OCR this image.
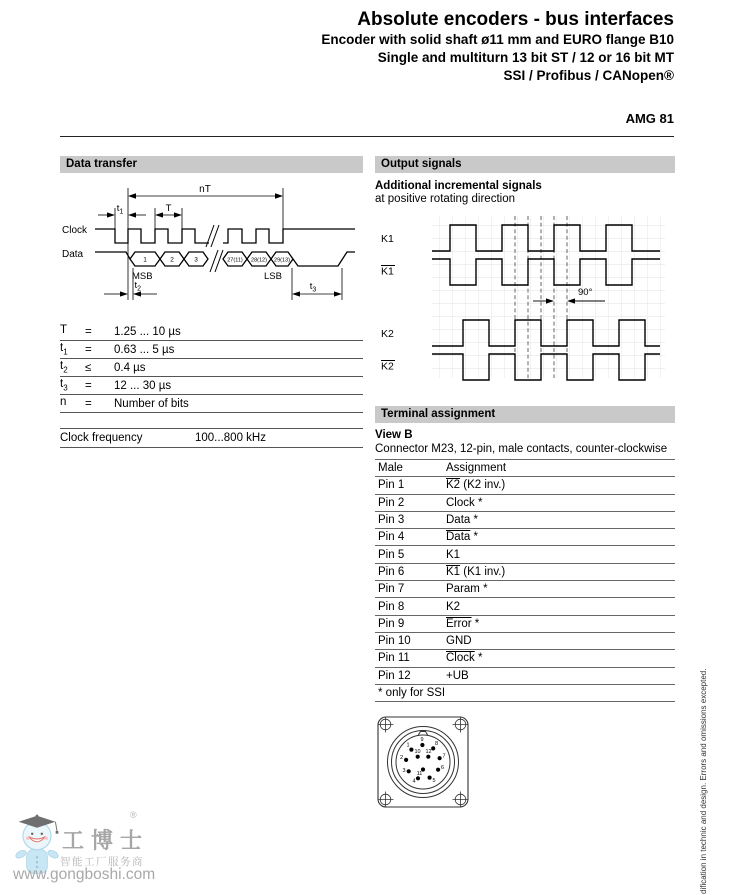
Absolute encoders - bus interfaces
Encoder with solid shaft ø11 mm and EURO flange B10
Single and multiturn 13 bit ST / 12 or 16 bit MT
SSI / Profibus / CANopen®
AMG 81
Data transfer
nT
$t_1$	T
Clock
Data	1	2	3	27(11) 28(12) 29(13)
MSB	LSB
$t_2$	$t_3$
T	=	1.25 ... 10 µs
$t_1$	=	0.63 ... 5 µs
$t_2$	≤	0.4 µs
$t_3$	=	12 ... 30 µs
n	=	Number of bits
Clock frequency	100...800 kHz
Output signals
Additional incremental signals
at positive rotating direction
90°
K1
K1
K2
K2
Terminal assignment
View B
Connector M23, 12-pin, male contacts, counter-clockwise
Male	Assignment
Pin 1	K2 (K2 inv.)
Pin 2	Clock *
Pin 3	Data *
Pin 4	Data *
Pin 5	K1
Pin 6	K1 (K1 inv.)
Pin 7	Param *
Pin 8	K2
Pin 9	Error *
Pin 10	GND
Pin 11	Clock *
Pin 12	+UB
* only for SSI	
1
9
8
2
10 12
7
3 11
6
4	5	dification in technic and design. Errors and omissions excepted.
®
工博士
智能工厂服务商
www.gongboshi.com
